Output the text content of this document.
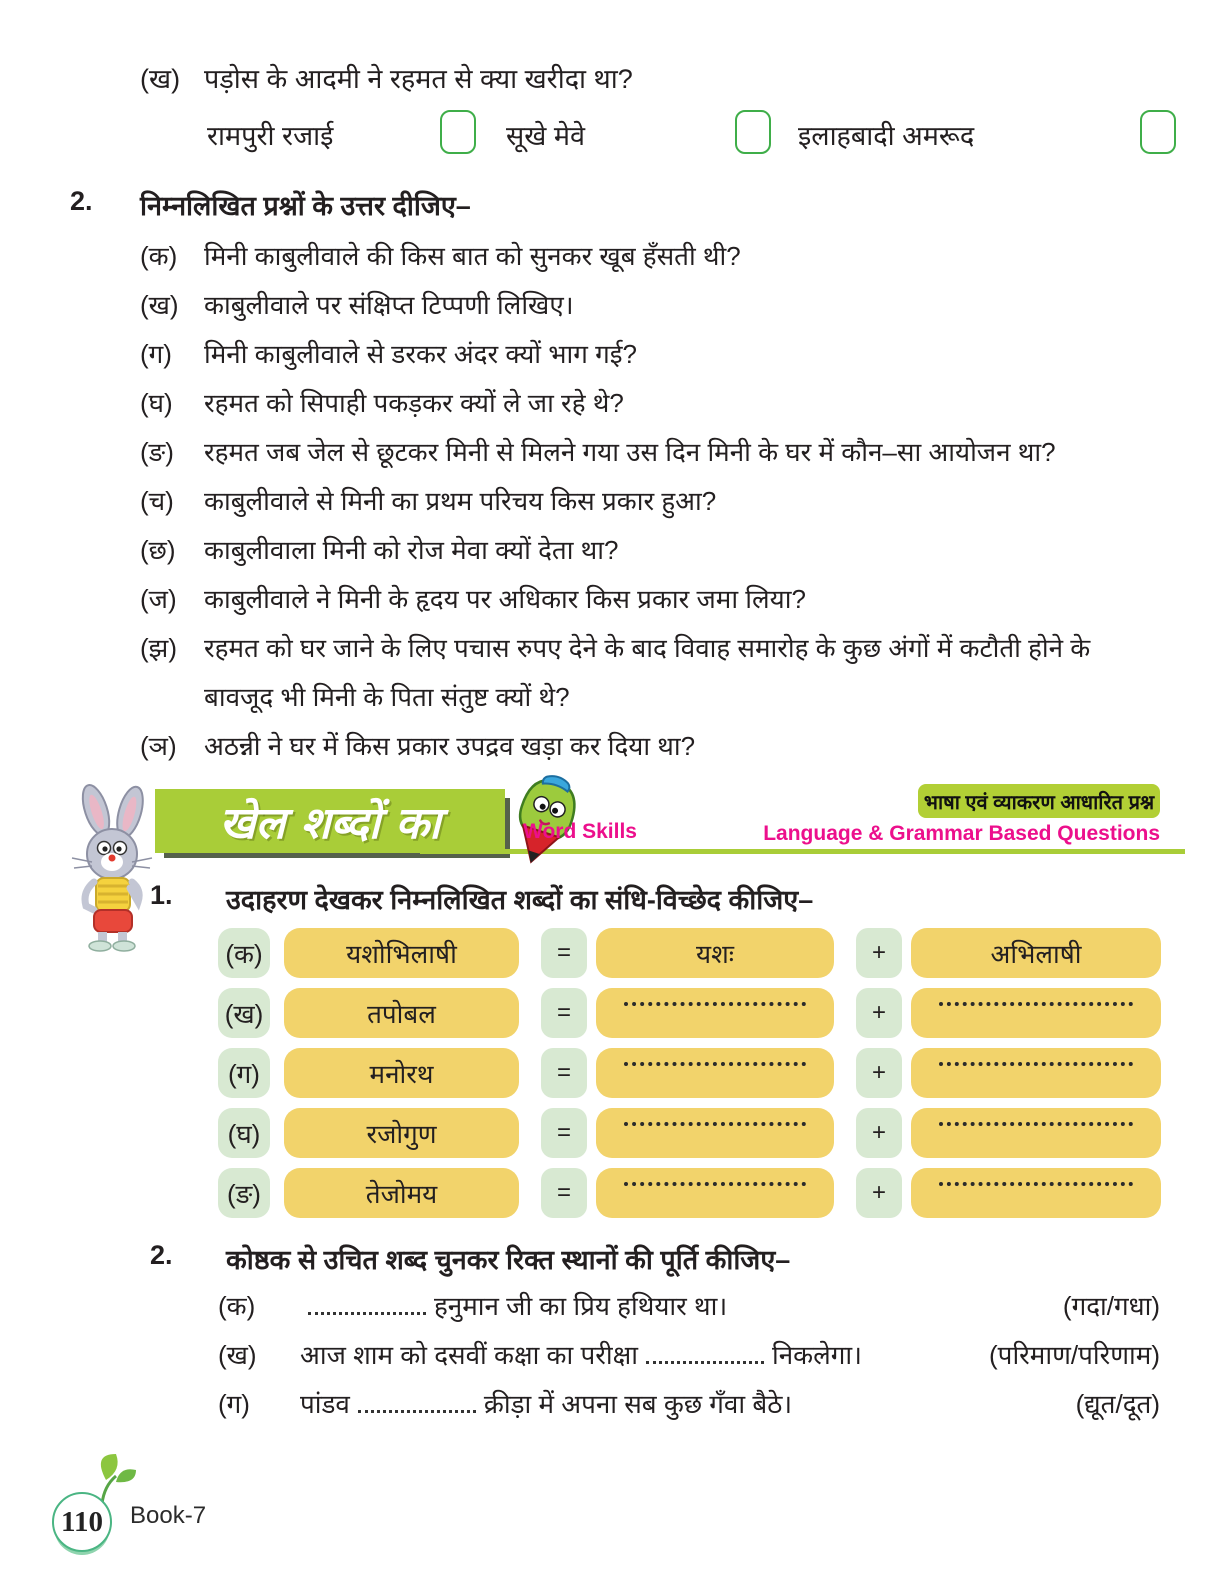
(ख) पड़ोस के आदमी ने रहमत से क्या खरीदा था?
रामपुरी रजाई	सूखे मेवे	इलाहबादी अमरूद
2.	निम्नलिखित प्रश्नों के उत्तर दीजिए–
(क)	मिनी काबुलीवाले की किस बात को सुनकर खूब हँसती थी?
(ख) काबुलीवाले पर संक्षिप्त टिप्पणी लिखिए।
(ग)	मिनी काबुलीवाले से डरकर अंदर क्यों भाग गई?
(घ)	रहमत को सिपाही पकड़कर क्यों ले जा रहे थे?
(ङ)	रहमत जब जेल से छूटकर मिनी से मिलने गया उस दिन मिनी के घर में कौन–सा आयोजन था?
(च)	काबुलीवाले से मिनी का प्रथम परिचय किस प्रकार हुआ?
(छ)	काबुलीवाला मिनी को रोज मेवा क्यों देता था?
(ज)	काबुलीवाले ने मिनी के हृदय पर अधिकार किस प्रकार जमा लिया?
(झ)	रहमत को घर जाने के लिए पचास रुपए देने के बाद विवाह समारोह के कुछ अंगों में कटौती होने के बावजूद भी मिनी के पिता संतुष्ट क्यों थे?
(ञ)	अठन्नी ने घर में किस प्रकार उपद्रव खड़ा कर दिया था?
खेल शब्दों का	Word Skills
भाषा एवं व्याकरण आधारित प्रश्न
Language & Grammar Based Questions
1.	उदाहरण देखकर निम्नलिखित शब्दों का संधि-विच्छेद कीजिए–
(क)	यशोभिलाषी	=	यशः	+	अभिलाषी
(ख)	तपोबल	=	+
(ग)	मनोरथ	=	+
(घ)	रजोगुण	=	+
(ङ)	तेजोमय	=	+
2.	कोष्ठक से उचित शब्द चुनकर रिक्त स्थानों की पूर्ति कीजिए–
(क)	हनुमान जी का प्रिय हथियार था।	(गदा/गधा)
(ख)	आज शाम को दसवीं कक्षा का परीक्षा	निकलेगा।	(परिमाण/परिणाम)
(ग)	पांडव	क्रीड़ा में अपना सब कुछ गँवा बैठे।	(द्यूत/दूत)
110 Book-7
